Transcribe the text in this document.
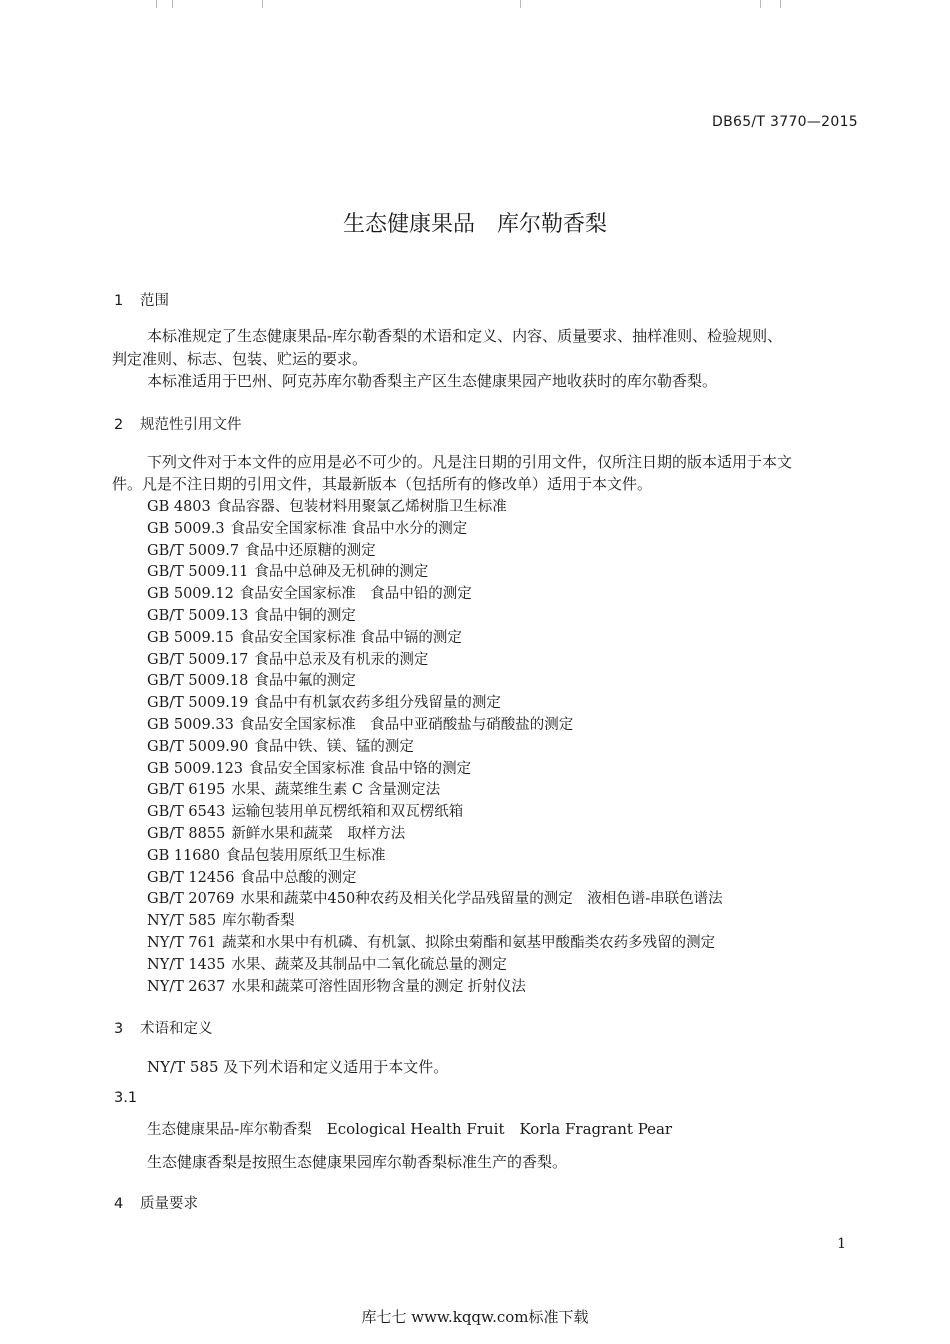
DB65/T 3770—2015
生态健康果品　库尔勒香梨
1 范围
本标准规定了生态健康果品-库尔勒香梨的术语和定义、内容、质量要求、抽样准则、检验规则、
判定准则、标志、包装、贮运的要求。
本标准适用于巴州、阿克苏库尔勒香梨主产区生态健康果园产地收获时的库尔勒香梨。
2 规范性引用文件
下列文件对于本文件的应用是必不可少的。凡是注日期的引用文件，仅所注日期的版本适用于本文
件。凡是不注日期的引用文件，其最新版本（包括所有的修改单）适用于本文件。
GB 4803 食品容器、包装材料用聚氯乙烯树脂卫生标准
GB 5009.3 食品安全国家标准 食品中水分的测定
GB/T 5009.7 食品中还原糖的测定
GB/T 5009.11 食品中总砷及无机砷的测定
GB 5009.12 食品安全国家标准　食品中铅的测定
GB/T 5009.13 食品中铜的测定
GB 5009.15 食品安全国家标准 食品中镉的测定
GB/T 5009.17 食品中总汞及有机汞的测定
GB/T 5009.18 食品中氟的测定
GB/T 5009.19 食品中有机氯农药多组分残留量的测定
GB 5009.33 食品安全国家标准　食品中亚硝酸盐与硝酸盐的测定
GB/T 5009.90 食品中铁、镁、锰的测定
GB 5009.123 食品安全国家标准 食品中铬的测定
GB/T 6195 水果、蔬菜维生素 C 含量测定法
GB/T 6543 运输包装用单瓦楞纸箱和双瓦楞纸箱
GB/T 8855 新鲜水果和蔬菜　取样方法
GB 11680 食品包装用原纸卫生标准
GB/T 12456 食品中总酸的测定
GB/T 20769 水果和蔬菜中450种农药及相关化学品残留量的测定　液相色谱-串联色谱法
NY/T 585 库尔勒香梨
NY/T 761 蔬菜和水果中有机磷、有机氯、拟除虫菊酯和氨基甲酸酯类农药多残留的测定
NY/T 1435 水果、蔬菜及其制品中二氧化硫总量的测定
NY/T 2637 水果和蔬菜可溶性固形物含量的测定 折射仪法
3 术语和定义
NY/T 585 及下列术语和定义适用于本文件。
3.1
生态健康果品-库尔勒香梨　 Ecological Health Fruit　Korla Fragrant Pear
生态健康香梨是按照生态健康果园库尔勒香梨标准生产的香梨。
4 质量要求
1
库七七 www.kqqw.com标准下载
